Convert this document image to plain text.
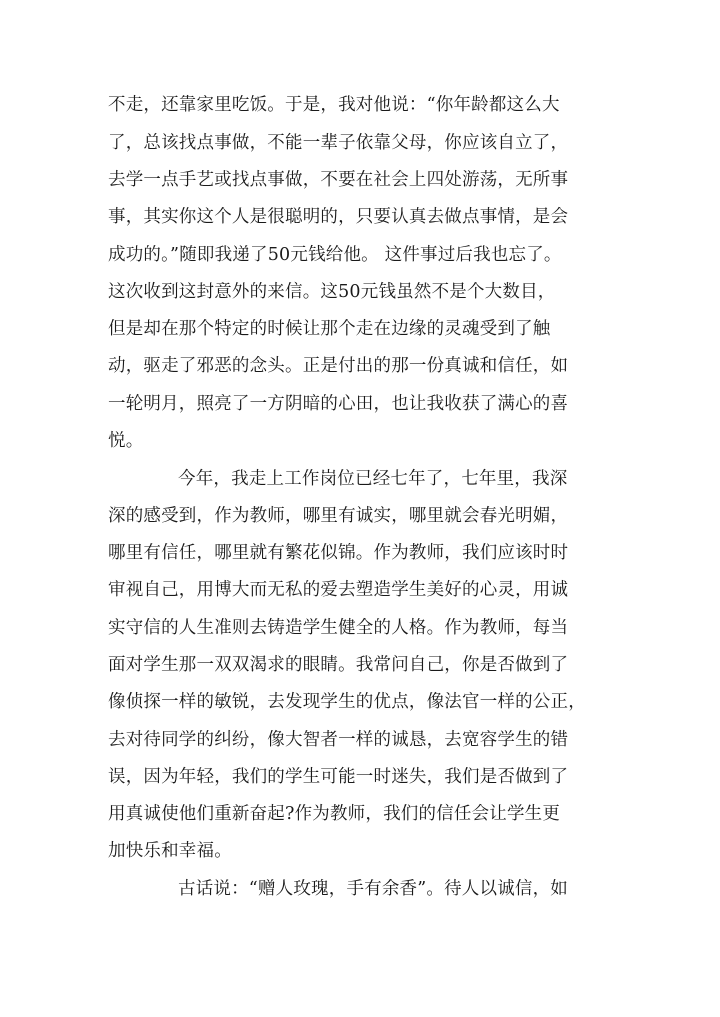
不走，还靠家里吃饭。于是，我对他说：“你年龄都这么大
了，总该找点事做，不能一辈子依靠父母，你应该自立了，
去学一点手艺或找点事做，不要在社会上四处游荡，无所事
事，其实你这个人是很聪明的，只要认真去做点事情，是会
成功的。”随即我递了50元钱给他。 这件事过后我也忘了。
这次收到这封意外的来信。这50元钱虽然不是个大数目，
但是却在那个特定的时候让那个走在边缘的灵魂受到了触
动，驱走了邪恶的念头。正是付出的那一份真诚和信任，如
一轮明月，照亮了一方阴暗的心田，也让我收获了满心的喜
悦。
今年，我走上工作岗位已经七年了，七年里，我深
深的感受到，作为教师，哪里有诚实，哪里就会春光明媚，
哪里有信任，哪里就有繁花似锦。作为教师，我们应该时时
审视自己，用博大而无私的爱去塑造学生美好的心灵，用诚
实守信的人生准则去铸造学生健全的人格。作为教师，每当
面对学生那一双双渴求的眼睛。我常问自己，你是否做到了
像侦探一样的敏锐，去发现学生的优点，像法官一样的公正，
去对待同学的纠纷，像大智者一样的诚恳，去宽容学生的错
误，因为年轻，我们的学生可能一时迷失，我们是否做到了
用真诚使他们重新奋起?作为教师，我们的信任会让学生更
加快乐和幸福。
古话说：“赠人玫瑰，手有余香”。待人以诚信，如
